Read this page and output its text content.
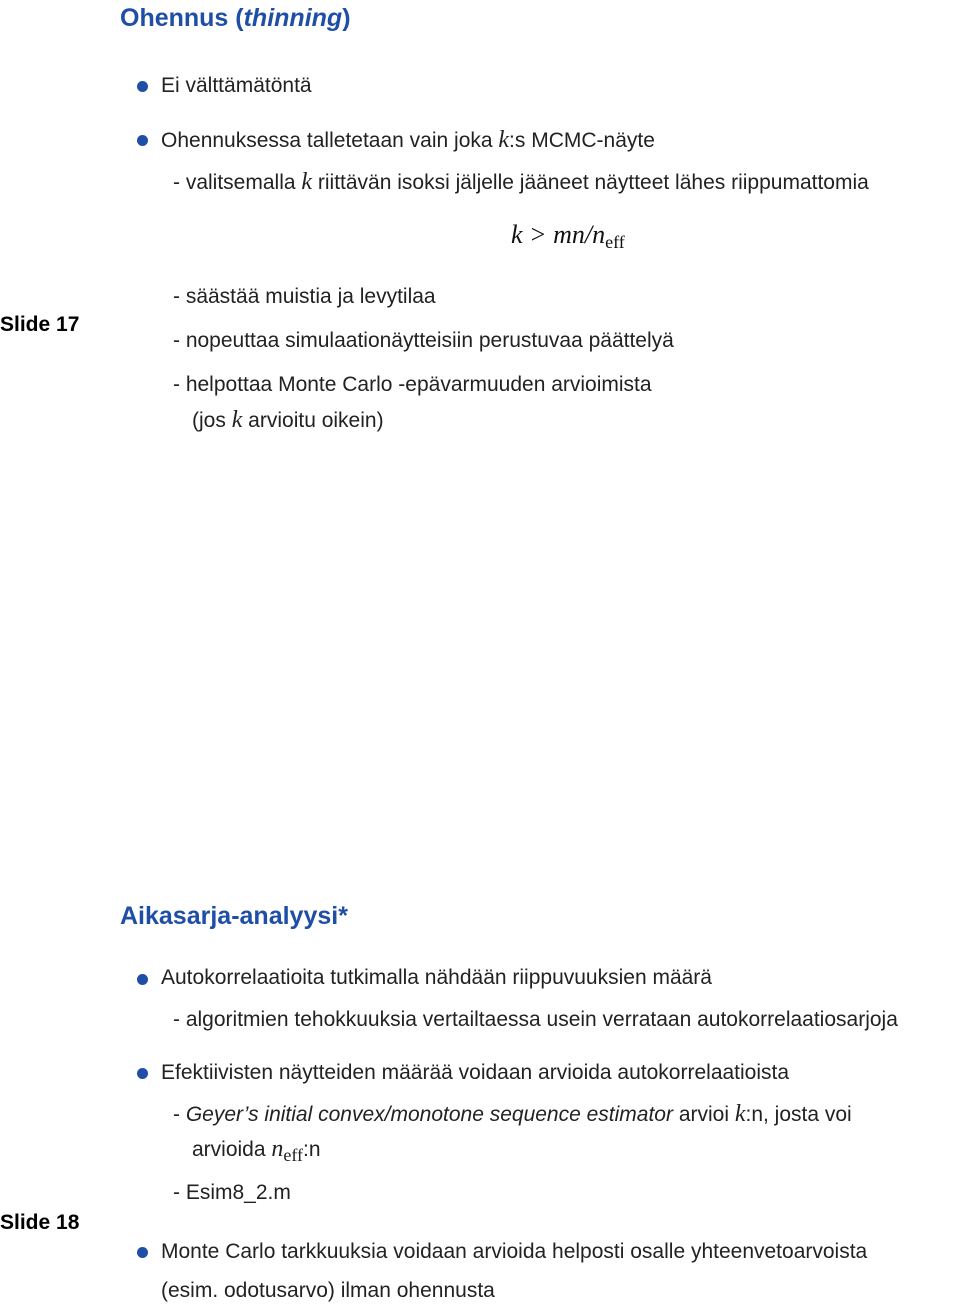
Ohennus (thinning)
Ei välttämätöntä
Ohennuksessa talletetaan vain joka k:s MCMC-näyte
- valitsemalla k riittävän isoksi jäljelle jääneet näytteet lähes riippumattomia
k > mn/neff
Slide 17
- säästää muistia ja levytilaa
- nopeuttaa simulaationäytteisiin perustuvaa päättelyä
- helpottaa Monte Carlo -epävarmuuden arvioimista
(jos k arvioitu oikein)
Aikasarja-analyysi*
Autokorrelaatioita tutkimalla nähdään riippuvuuksien määrä
- algoritmien tehokkuuksia vertailtaessa usein verrataan autokorrelaatiosarjoja
Efektiivisten näytteiden määrää voidaan arvioida autokorrelaatioista
- Geyer’s initial convex/monotone sequence estimator arvioi k:n, josta voi
arvioida neff:n
- Esim8_2.m
Slide 18
Monte Carlo tarkkuuksia voidaan arvioida helposti osalle yhteenvetoarvoista
(esim. odotusarvo) ilman ohennusta
